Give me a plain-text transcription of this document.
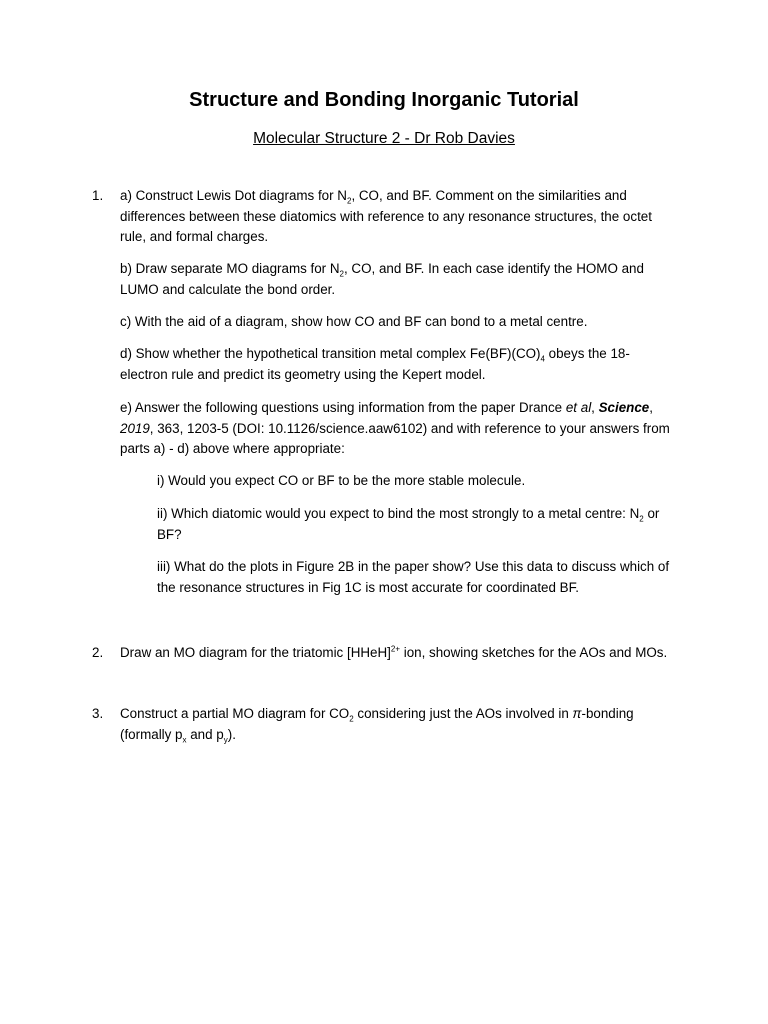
Structure and Bonding Inorganic Tutorial
Molecular Structure 2 - Dr Rob Davies
1.	a) Construct Lewis Dot diagrams for $N_2$, CO, and BF. Comment on the similarities and differences between these diatomics with reference to any resonance structures, the octet rule, and formal charges.

b) Draw separate MO diagrams for $N_2$, CO, and BF. In each case identify the HOMO and LUMO and calculate the bond order.

c) With the aid of a diagram, show how CO and BF can bond to a metal centre.

d) Show whether the hypothetical transition metal complex $Fe(BF)(CO)_4$ obeys the 18-electron rule and predict its geometry using the Kepert model.

e) Answer the following questions using information from the paper Drance et al, Science, 2019, 363, 1203-5 (DOI: 10.1126/science.aaw6102) and with reference to your answers from parts a) - d) above where appropriate:

i) Would you expect CO or BF to be the more stable molecule.

ii) Which diatomic would you expect to bind the most strongly to a metal centre: $N_2$ or BF?

iii) What do the plots in Figure 2B in the paper show? Use this data to discuss which of the resonance structures in Fig 1C is most accurate for coordinated BF.

2.	Draw an MO diagram for the triatomic [HHeH]$^{2+}$ ion, showing sketches for the AOs and MOs.

3.	Construct a partial MO diagram for $CO_2$ considering just the AOs involved in π-bonding (formally $p_x$ and $p_y$).
